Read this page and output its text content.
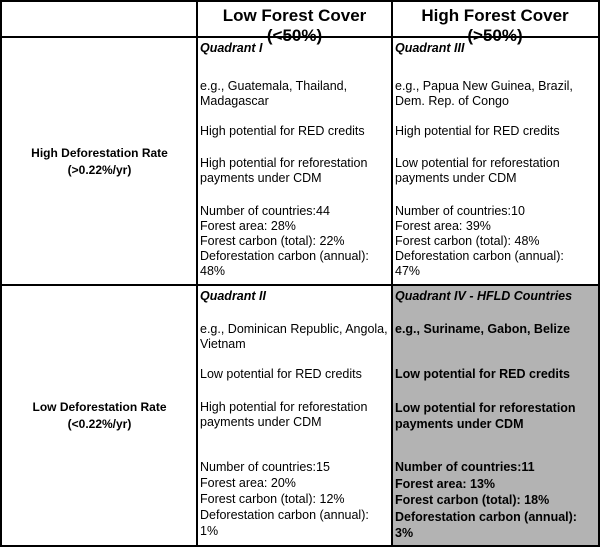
Low Forest Cover	High Forest Cover
High Deforestation Rate
(>0.22%/yr)
Low Deforestation Rate
(<0.22%/yr)
Quadrant I
e.g., Guatemala, Thailand,
Madagascar
High potential for RED credits
High potential for reforestation
payments under CDM
Number of countries:44
Forest area: 28%
Forest carbon (total): 22%
Deforestation carbon (annual):
48%
Quadrant III
e.g., Papua New Guinea, Brazil,
Dem. Rep. of Congo
High potential for RED credits
Low potential for reforestation
payments under CDM
Number of countries:10
Forest area: 39%
Forest carbon (total): 48%
Deforestation carbon (annual):
47%
Quadrant II
e.g., Dominican Republic, Angola,
Vietnam
Low potential for RED credits
High potential for reforestation
payments under CDM
Number of countries:15
Forest area: 20%
Forest carbon (total): 12%
Deforestation carbon (annual):
1%
Quadrant IV - HFLD Countries
e.g., Suriname, Gabon, Belize
Low potential for RED credits
Low potential for reforestation
payments under CDM
Number of countries:11
Forest area: 13%
Forest carbon (total): 18%
Deforestation carbon (annual):
3%
